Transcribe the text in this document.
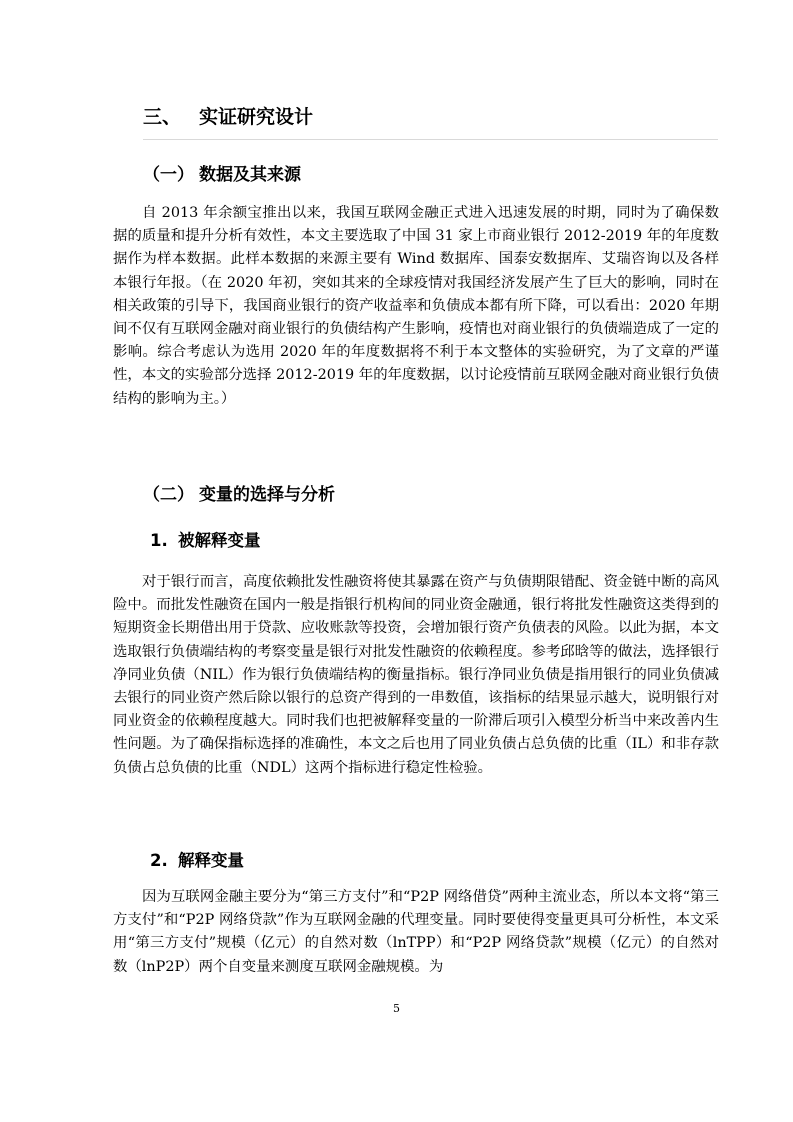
三、 实证研究设计
（一） 数据及其来源

自 2013 年余额宝推出以来，我国互联网金融正式进入迅速发展的时期，同时为了确保数据的质量和提升分析有效性，本文主要选取了中国 31 家上市商业银行 2012-2019 年的年度数据作为样本数据。此样本数据的来源主要有 Wind 数据库、国泰安数据库、艾瑞咨询以及各样本银行年报。（在 2020 年初，突如其来的全球疫情对我国经济发展产生了巨大的影响，同时在相关政策的引导下，我国商业银行的资产收益率和负债成本都有所下降，可以看出：2020 年期间不仅有互联网金融对商业银行的负债结构产生影响，疫情也对商业银行的负债端造成了一定的影响。综合考虑认为选用 2020 年的年度数据将不利于本文整体的实验研究，为了文章的严谨性，本文的实验部分选择 2012-2019 年的年度数据，以讨论疫情前互联网金融对商业银行负债结构的影响为主。）

（二） 变量的选择与分析
1. 被解释变量

对于银行而言，高度依赖批发性融资将使其暴露在资产与负债期限错配、资金链中断的高风险中。而批发性融资在国内一般是指银行机构间的同业资金融通，银行将批发性融资这类得到的短期资金长期借出用于贷款、应收账款等投资，会增加银行资产负债表的风险。以此为据，本文选取银行负债端结构的考察变量是银行对批发性融资的依赖程度。参考邱晗等的做法，选择银行净同业负债（NIL）作为银行负债端结构的衡量指标。银行净同业负债是指用银行的同业负债减去银行的同业资产然后除以银行的总资产得到的一串数值，该指标的结果显示越大，说明银行对同业资金的依赖程度越大。同时我们也把被解释变量的一阶滞后项引入模型分析当中来改善内生性问题。为了确保指标选择的准确性，本文之后也用了同业负债占总负债的比重（IL）和非存款负债占总负债的比重（NDL）这两个指标进行稳定性检验。

2. 解释变量

因为互联网金融主要分为“第三方支付”和“P2P 网络借贷”两种主流业态，所以本文将“第三方支付”和“P2P 网络贷款”作为互联网金融的代理变量。同时要使得变量更具可分析性，本文采用“第三方支付”规模（亿元）的自然对数（lnTPP）和“P2P 网络贷款”规模（亿元）的自然对数（lnP2P）两个自变量来测度互联网金融规模。为

5
